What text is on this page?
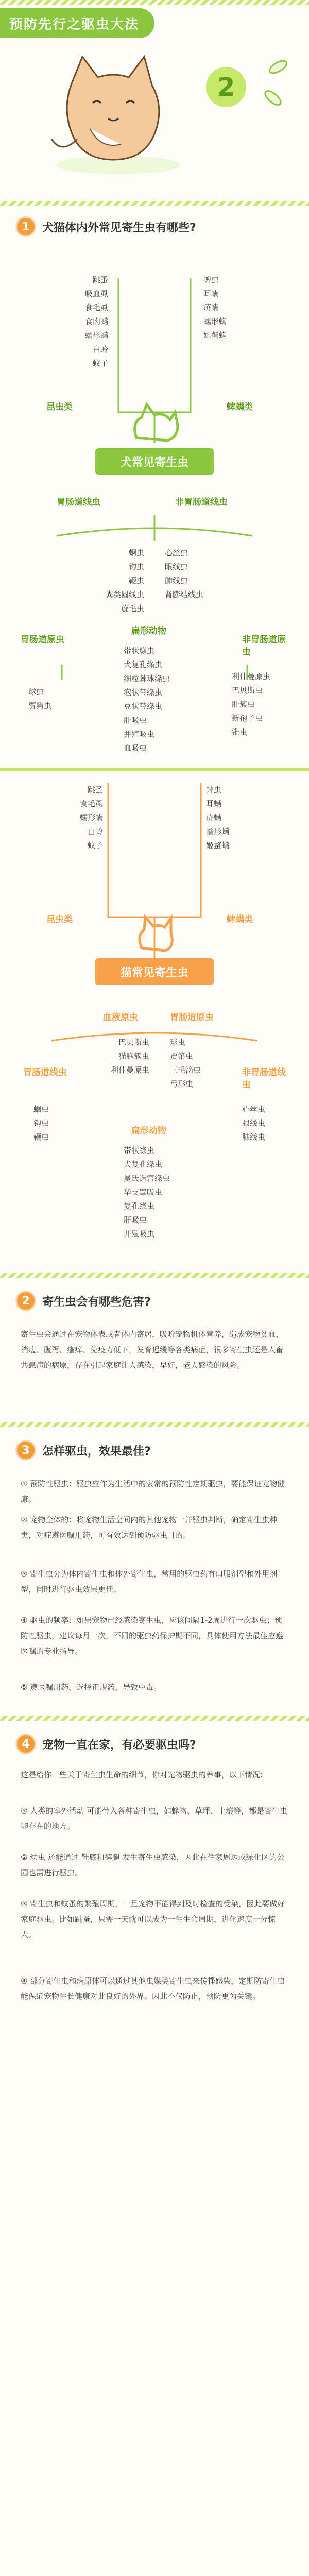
预防先行之驱虫大法
2
1	犬猫体内外常见寄生虫有哪些?
跳蚤
吸血虱
食毛虱
食肉螨
蠕形螨
白蛉
蚊子
蜱虫
耳螨
疥螨
蠕形螨
姬螯螨
昆虫类	蜱螨类
犬常见寄生虫
胃肠道线虫	非胃肠道线虫
蛔虫
钩虫
鞭虫
粪类圆线虫
旋毛虫
心丝虫
眼线虫
肺线虫
肾膨结线虫
胃肠道原虫
球虫
贾第虫
扁形动物
带状绦虫
犬复孔绦虫
细粒棘球绦虫
泡状带绦虫
豆状带绦虫
肝吸虫
并殖吸虫
血吸虫
非胃肠道原虫
利什曼原虫
巴贝斯虫
肝簇虫
新孢子虫
锥虫
跳蚤
食毛虱
蠕形螨
白蛉
蚊子
蜱虫
耳螨
疥螨
蠕形螨
姬螯螨
昆虫类	蜱螨类
猫常见寄生虫
血液原虫
巴贝斯虫
猫胞簇虫
利什曼原虫
胃肠道原虫
球虫
贾第虫
三毛滴虫
弓形虫
胃肠道线虫
蛔虫
钩虫
鞭虫
非胃肠道线虫
心丝虫
眼线虫
肺线虫
扁形动物
带状绦虫
犬复孔绦虫
曼氏迭宫绦虫
华支睾吸虫
复孔绦虫
肝吸虫
并殖吸虫
2	寄生虫会有哪些危害?
寄生虫会通过在宠物体表或者体内寄居，吸吮宠物机体营养，造成宠物贫血、消瘦、腹泻、瘙痒、免疫力低下，发育迟缓等各类病症，很多寄生虫还是人畜共患病的病原，存在引起家庭让人感染，早好，老人感染的风险。
3	怎样驱虫，效果最佳?
① 预防性驱虫：驱虫应作为生活中的家常的预防性定期驱虫，要能保证宠物健康。
② 宠物全体的：将宠物生活空间内的其他宠物一并驱虫判断，确定寄生虫种类，对症遵医嘱用药，可有效达到预防驱虫目的。
③ 寄生虫分为体内寄生虫和体外寄生虫，常用的驱虫药有口服剂型和外用剂型，同时进行驱虫效果更佳。
④ 驱虫的频率：如果宠物已经感染寄生虫，应该间隔1-2周进行一次驱虫；预防性驱虫，建议每月一次，不同的驱虫药保护期不同，具体使用方法最佳应遵医嘱的专业指导。
⑤ 遵医嘱用药，选择正规药，导致中毒。
4	宠物一直在家，有必要驱虫吗?
这是给你一些关于寄生虫生命的细节，你对宠物驱虫的养事，以下情况:
① 人类的室外活动 可能带入各种寄生虫，如蜂物、草坪、土壤等，都是寄生虫卵存在的地方。
② 幼虫 还能通过 鞋底和裤腿 发生寄生虫感染，因此在住家周边或绿化区的公园也需进行驱虫。
③ 寄生虫和蚊蚤的繁殖周期，一旦宠物不能得到及时检查的受染，因此要做好家庭驱虫。比如跳蚤，只需一天就可以成为一生生命周期，进化速度十分惊人。
④ 部分寄生虫和病原体可以通过其他虫媒类寄生虫来传播感染，定期防寄生虫能保证宠物生长健康对此良好的外界。因此不仅防止，预防更为关键。
